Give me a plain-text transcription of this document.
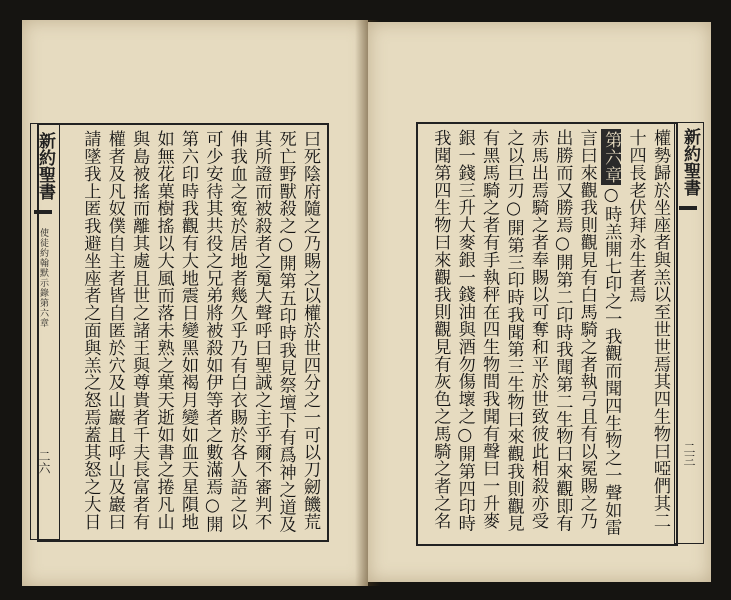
曰死陰府隨之乃賜之以權於世四分之一可以刀劒饑荒
死亡野獸殺之○開第五印時我見祭壇下有爲神之道及
其所證而被殺者之䰟大聲呼曰聖誠之主乎爾不審判不
伸我血之寃於居地者幾久乎乃有白衣賜於各人語之以
可少安待其共役之兄弟將被殺如伊等者之數滿焉○開
第六印時我觀有大地震日變黑如褐月變如血天星隕地
如無花菓樹搖以大風而落未熟之菓天逝如書之捲凡山
與島被搖而離其處且世之諸王與尊貴者千夫長富者有
權者及凡奴僕自主者皆自匿於穴及山巖且呼山及巖曰
請墜我上匿我避坐座者之面與羔之怒焉蓋其怒之大日
新約聖書
使徒約翰默示錄第六章
二六	權勢歸於坐座者與羔以至世世焉其四生物曰啞們其二
十四長老伏拜永生者焉
第六章○時羔開七印之一我觀而聞四生物之一聲如雷
言曰來觀我則觀見有白馬騎之者執弓且有以冕賜之乃
出勝而又勝焉○開第二印時我聞第二生物曰來觀即有
赤馬出焉騎之者奉賜以可奪和平於世致彼此相殺亦受
之以巨刃○開第三印時我聞第三生物曰來觀我則觀見
有黑馬騎之者有手執秤在四生物間我聞有聲曰一升麥
銀一錢三升大麥銀一錢油與酒勿傷壞之○開第四印時
我聞第四生物曰來觀我則觀見有灰色之馬騎之者之名	新約聖書
二三
